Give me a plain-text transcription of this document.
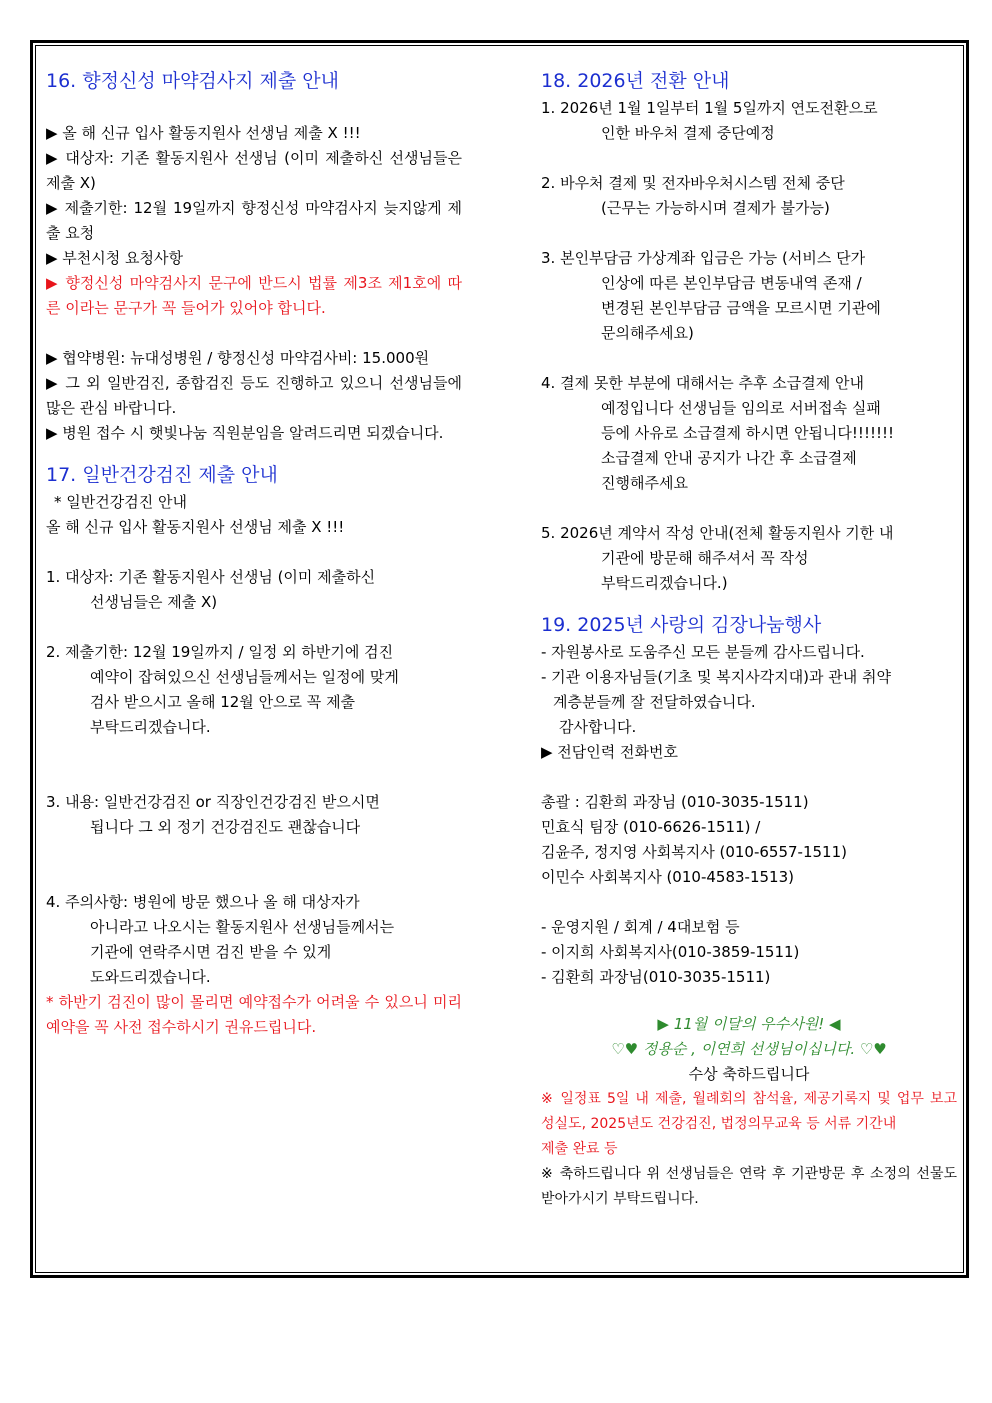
16. 향정신성 마약검사지 제출 안내
▶ 올 해 신규 입사 활동지원사 선생님 제출 X !!!
▶ 대상자: 기존 활동지원사 선생님 (이미 제출하신 선생님들은 제출 X)
▶ 제출기한: 12월 19일까지 향정신성 마약검사지 늦지않게 제출 요청
▶ 부천시청 요청사항
▶ 향정신성 마약검사지 문구에 반드시 법률 제3조 제1호에 따른 이라는 문구가 꼭 들어가 있어야 합니다.
▶ 협약병원: 뉴대성병원 / 향정신성 마약검사비: 15.000원
▶ 그 외 일반검진, 종합검진 등도 진행하고 있으니 선생님들에 많은 관심 바랍니다.
▶ 병원 접수 시 햇빛나눔 직원분임을 알려드리면 되겠습니다.
17. 일반건강검진 제출 안내
* 일반건강검진 안내
올 해 신규 입사 활동지원사 선생님 제출 X !!!
1. 대상자: 기존 활동지원사 선생님 (이미 제출하신
선생님들은 제출 X)
2. 제출기한: 12월 19일까지 / 일정 외 하반기에 검진
예약이 잡혀있으신 선생님들께서는 일정에 맞게
검사 받으시고 올해 12월 안으로 꼭 제출
부탁드리겠습니다.
3. 내용: 일반건강검진 or 직장인건강검진 받으시면
됩니다 그 외 정기 건강검진도 괜찮습니다
4. 주의사항: 병원에 방문 했으나 올 해 대상자가
아니라고 나오시는 활동지원사 선생님들께서는
기관에 연락주시면 검진 받을 수 있게
도와드리겠습니다.
* 하반기 검진이 많이 몰리면 예약접수가 어려울 수 있으니 미리 예약을 꼭 사전 접수하시기 권유드립니다.
18. 2026년 전환 안내
1. 2026년 1월 1일부터 1월 5일까지 연도전환으로
인한 바우처 결제 중단예정
2. 바우처 결제 및 전자바우처시스템 전체 중단
(근무는 가능하시며 결제가 불가능)
3. 본인부담금 가상계좌 입금은 가능 (서비스 단가
인상에 따른 본인부담금 변동내역 존재 /
변경된 본인부담금 금액을 모르시면 기관에
문의해주세요)
4. 결제 못한 부분에 대해서는 추후 소급결제 안내
예정입니다 선생님들 임의로 서버접속 실패
등에 사유로 소급결제 하시면 안됩니다!!!!!!!
소급결제 안내 공지가 나간 후 소급결제
진행해주세요
5. 2026년 계약서 작성 안내(전체 활동지원사 기한 내
기관에 방문해 해주셔서 꼭 작성
부탁드리겠습니다.)
19. 2025년 사랑의 김장나눔행사
- 자원봉사로 도움주신 모든 분들께 감사드립니다.
- 기관 이용자님들(기초 및 복지사각지대)과 관내 취약
계층분들께 잘 전달하였습니다.
감사합니다.
▶ 전담인력 전화번호
총괄 : 김환희 과장님 (010-3035-1511)
민효식 팀장 (010-6626-1511) /
김윤주, 정지영 사회복지사 (010-6557-1511)
이민수 사회복지사 (010-4583-1513)
- 운영지원 / 회계 / 4대보험 등
- 이지희 사회복지사(010-3859-1511)
- 김환희 과장님(010-3035-1511)
▶ 11월 이달의 우수사원! ◀
♡♥ 정용순 , 이연희 선생님이십니다. ♡♥
수상 축하드립니다
※ 일정표 5일 내 제출, 월례회의 참석율, 제공기록지 및 업무 보고 성실도, 2025년도 건강검진, 법정의무교육 등 서류 기간내
제출 완료 등
※ 축하드립니다 위 선생님들은 연락 후 기관방문 후 소정의 선물도 받아가시기 부탁드립니다.
